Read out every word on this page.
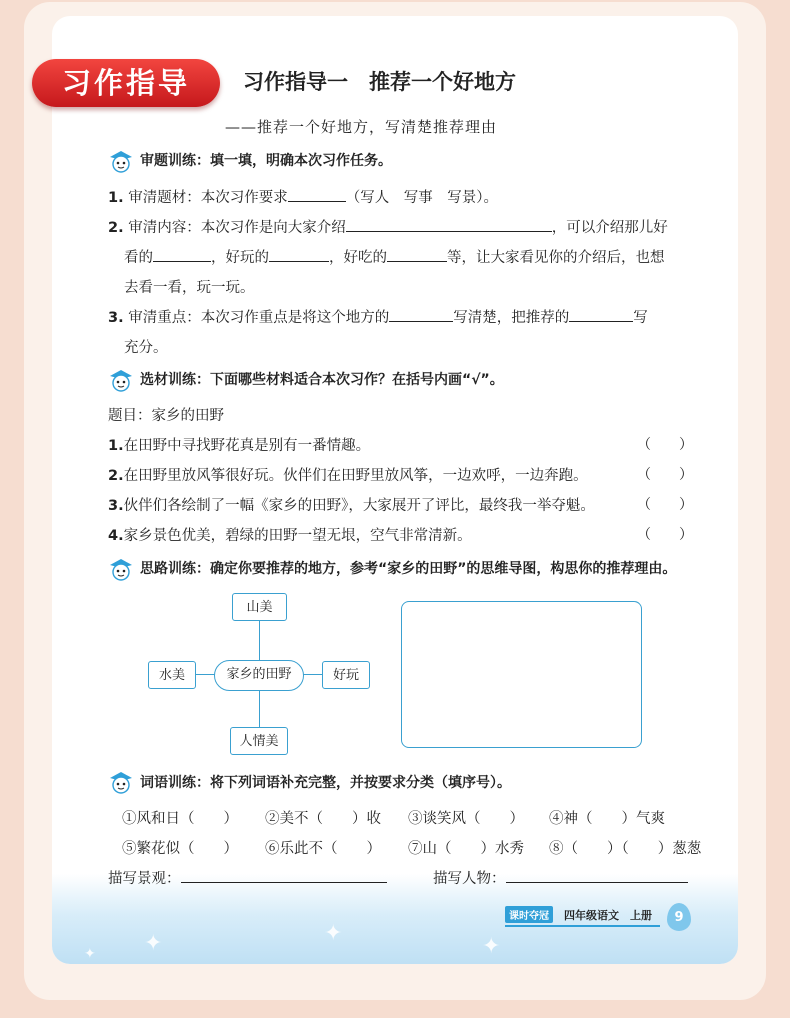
✦	✦
✦
✦
习作指导	习作指导一　推荐一个好地方
——推荐一个好地方，写清楚推荐理由
审题训练：填一填，明确本次习作任务。
1. 审清题材：本次习作要求	（写人　写事　写景）。
2. 审清内容：本次习作是向大家介绍	，可以介绍那儿好
看的	，好玩的	，好吃的	等，让大家看见你的介绍后，也想
去看一看，玩一玩。
3. 审清重点：本次习作重点是将这个地方的	写清楚，把推荐的	写
充分。
选材训练：下面哪些材料适合本次习作？在括号内画“√”。
题目：家乡的田野
1.在田野中寻找野花真是别有一番情趣。	（　　）
2.在田野里放风筝很好玩。伙伴们在田野里放风筝，一边欢呼，一边奔跑。	（　　）
3.伙伴们各绘制了一幅《家乡的田野》，大家展开了评比，最终我一举夺魁。	（　　）
4.家乡景色优美，碧绿的田野一望无垠，空气非常清新。	（　　）
思路训练：确定你要推荐的地方，参考“家乡的田野”的思维导图，构思你的推荐理由。
山美
水美	好玩
人情美
家乡的田野
词语训练：将下列词语补充完整，并按要求分类（填序号）。
①风和日（　　） ②美不（　　）收 ③谈笑风（　　） ④神（　　）气爽
⑤繁花似（　　） ⑥乐此不（　　） ⑦山（　　）水秀 ⑧（　　）（　　）葱葱
描写景观：	描写人物：
课时夺冠	四年级语文　上册	9
